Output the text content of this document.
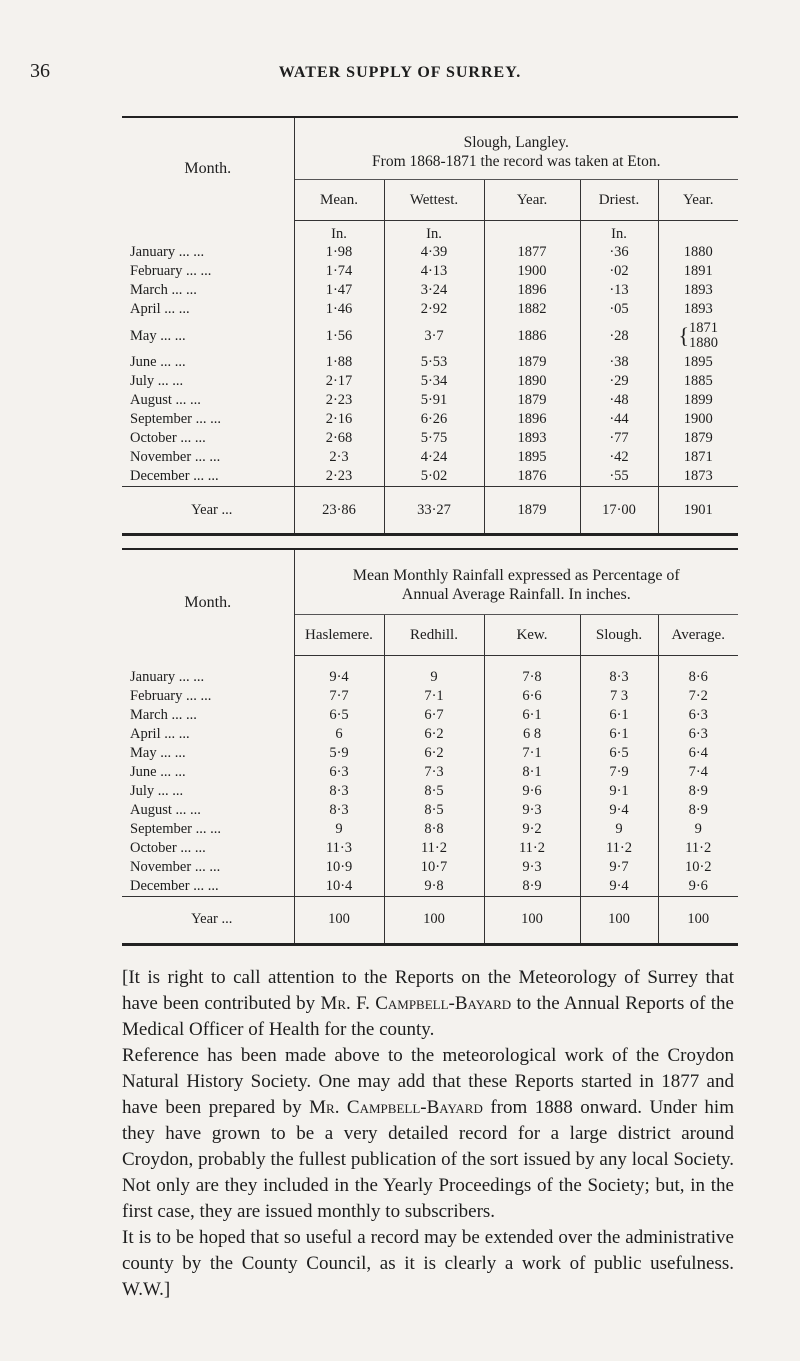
36	WATER SUPPLY OF SURREY.
Month.	Slough, Langley.
From 1868-1871 the record was taken at Eton.				

	Mean.	Wettest.	Year.	Driest.	Year.
	In.	In.		In.	
January ... ...	1·98	4·39	1877	·36	1880
February ... ...	1·74	4·13	1900	·02	1891
March ... ...	1·47	3·24	1896	·13	1893
April ... ...	1·46	2·92	1882	·05	1893
May ... ...	1·56	3·7	1886	·28	{1871
1880
June ... ...	1·88	5·53	1879	·38	1895
July ... ...	2·17	5·34	1890	·29	1885
August ... ...	2·23	5·91	1879	·48	1899
September ... ...	2·16	6·26	1896	·44	1900
October ... ...	2·68	5·75	1893	·77	1879
November ... ...	2·3	4·24	1895	·42	1871
December ... ...	2·23	5·02	1876	·55	1873
Year ...	23·86	33·27	1879	17·00	1901
Month.	Mean Monthly Rainfall expressed as Percentage of
Annual Average Rainfall. In inches.				

	Haslemere.	Redhill.	Kew.	Slough.	Average.

January ... ...	9·4	9	7·8	8·3	8·6
February ... ...	7·7	7·1	6·6	7 3	7·2
March ... ...	6·5	6·7	6·1	6·1	6·3
April ... ...	6	6·2	6 8	6·1	6·3
May ... ...	5·9	6·2	7·1	6·5	6·4
June ... ...	6·3	7·3	8·1	7·9	7·4
July ... ...	8·3	8·5	9·6	9·1	8·9
August ... ...	8·3	8·5	9·3	9·4	8·9
September ... ...	9	8·8	9·2	9	9
October ... ...	11·3	11·2	11·2	11·2	11·2
November ... ...	10·9	10·7	9·3	9·7	10·2
December ... ...	10·4	9·8	8·9	9·4	9·6
Year ...	100	100	100	100	100

[It is right to call attention to the Reports on the Meteorology of Surrey that have been contributed by Mr. F. Campbell-Bayard to the Annual Reports of the Medical Officer of Health for the county.

Reference has been made above to the meteorological work of the Croydon Natural History Society. One may add that these Reports started in 1877 and have been prepared by Mr. Campbell-Bayard from 1888 onward. Under him they have grown to be a very detailed record for a large district around Croydon, probably the fullest publication of the sort issued by any local Society. Not only are they included in the Yearly Proceedings of the Society; but, in the first case, they are issued monthly to subscribers.

It is to be hoped that so useful a record may be extended over the administrative county by the County Council, as it is clearly a work of public usefulness. W.W.]
